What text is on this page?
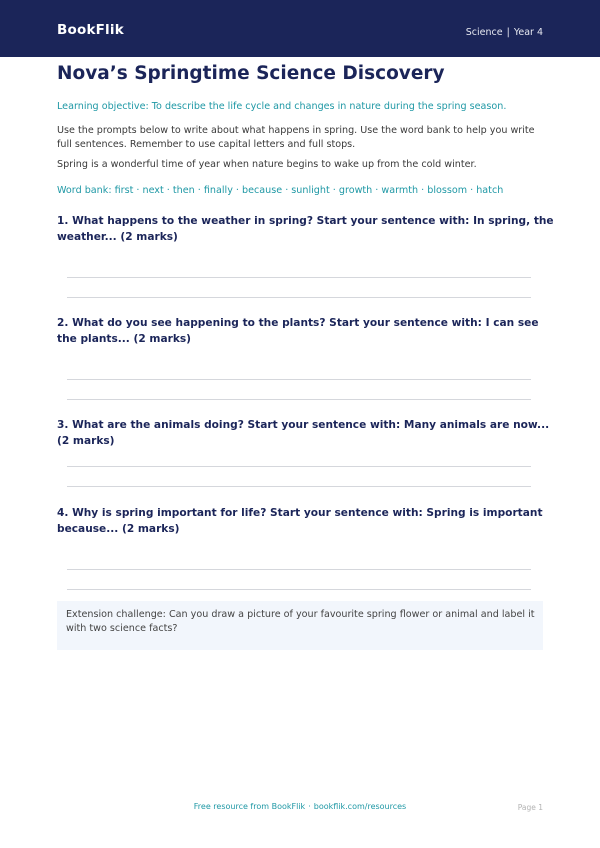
BookFlik	Science | Year 4
Nova’s Springtime Science Discovery
Learning objective: To describe the life cycle and changes in nature during the spring season.
Use the prompts below to write about what happens in spring. Use the word bank to help you write full sentences. Remember to use capital letters and full stops.
Spring is a wonderful time of year when nature begins to wake up from the cold winter.
Word bank: first · next · then · finally · because · sunlight · growth · warmth · blossom · hatch
1. What happens to the weather in spring? Start your sentence with: In spring, the weather... (2 marks)
2. What do you see happening to the plants? Start your sentence with: I can see the plants... (2 marks)
3. What are the animals doing? Start your sentence with: Many animals are now... (2 marks)
4. Why is spring important for life? Start your sentence with: Spring is important because... (2 marks)
Extension challenge: Can you draw a picture of your favourite spring flower or animal and label it with two science facts?
Free resource from BookFlik · bookflik.com/resources	Page 1
